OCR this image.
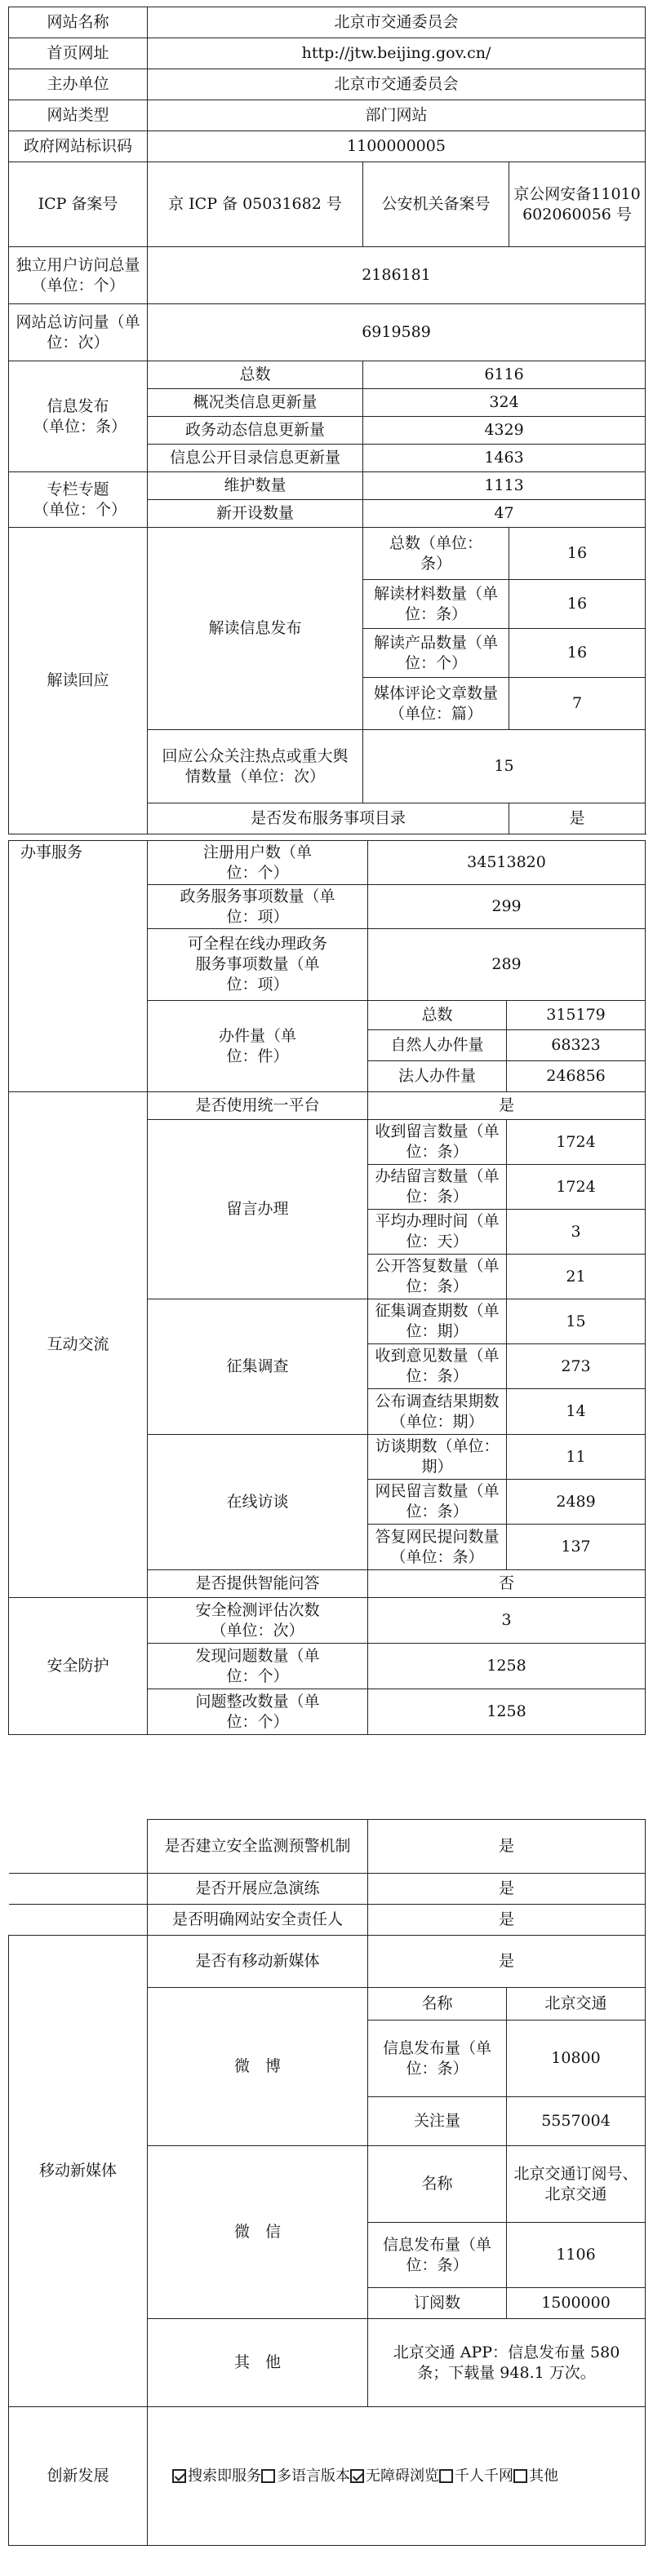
网站名称	北京市交通委员会		
首页网址	http://jtw.beijing.gov.cn/		
主办单位	北京市交通委员会		
网站类型	部门网站		
政府网站标识码	1100000005		
ICP 备案号	京 ICP 备 05031682 号	公安机关备案号	京公网安备11010602060056 号
独立用户访问总量（单位：个）	2186181		
网站总访问量（单位：次）	6919589		
信息发布（单位：条）	总数	6116	
	概况类信息更新量	324	
	政务动态信息更新量	4329	
	信息公开目录信息更新量	1463	
专栏专题（单位：个）	维护数量	1113	
	新开设数量	47	
解读回应	解读信息发布	总数（单位：条）	16
		解读材料数量（单位：条）	16
		解读产品数量（单位：个）	16
		媒体评论文章数量（单位：篇）	7
	回应公众关注热点或重大舆情数量（单位：次）	15	
	是否发布服务事项目录		是
办事服务	注册用户数（单位：个）	34513820	
	政务服务事项数量（单位：项）	299	
	可全程在线办理政务服务事项数量（单位：项）	289	
	办件量（单位：件）	总数	315179
		自然人办件量	68323
		法人办件量	246856
互动交流	是否使用统一平台	是	
	留言办理	收到留言数量（单位：条）	1724
		办结留言数量（单位：条）	1724
		平均办理时间（单位：天）	3
		公开答复数量（单位：条）	21
	征集调查	征集调查期数（单位：期）	15
		收到意见数量（单位：条）	273
		公布调查结果期数（单位：期）	14
	在线访谈	访谈期数（单位：期）	11
		网民留言数量（单位：条）	2489
		答复网民提问数量（单位：条）	137
	是否提供智能问答	否	
安全防护	安全检测评估次数（单位：次）	3	
	发现问题数量（单位：个）	1258	
	问题整改数量（单位：个）	1258	
	是否建立安全监测预警机制	是	
	是否开展应急演练	是	
	是否明确网站安全责任人	是	
移动新媒体	是否有移动新媒体	是	
	微　博	名称	北京交通
		信息发布量（单位：条）	10800
		关注量	5557004
	微　信	名称	北京交通订阅号、北京交通
		信息发布量（单位：条）	1106
		订阅数	1500000
	其　他	北京交通 APP：信息发布量 580 条；下载量 948.1 万次。	
创新发展	搜索即服务 多语言版本 无障碍浏览 千人千网 其他		
